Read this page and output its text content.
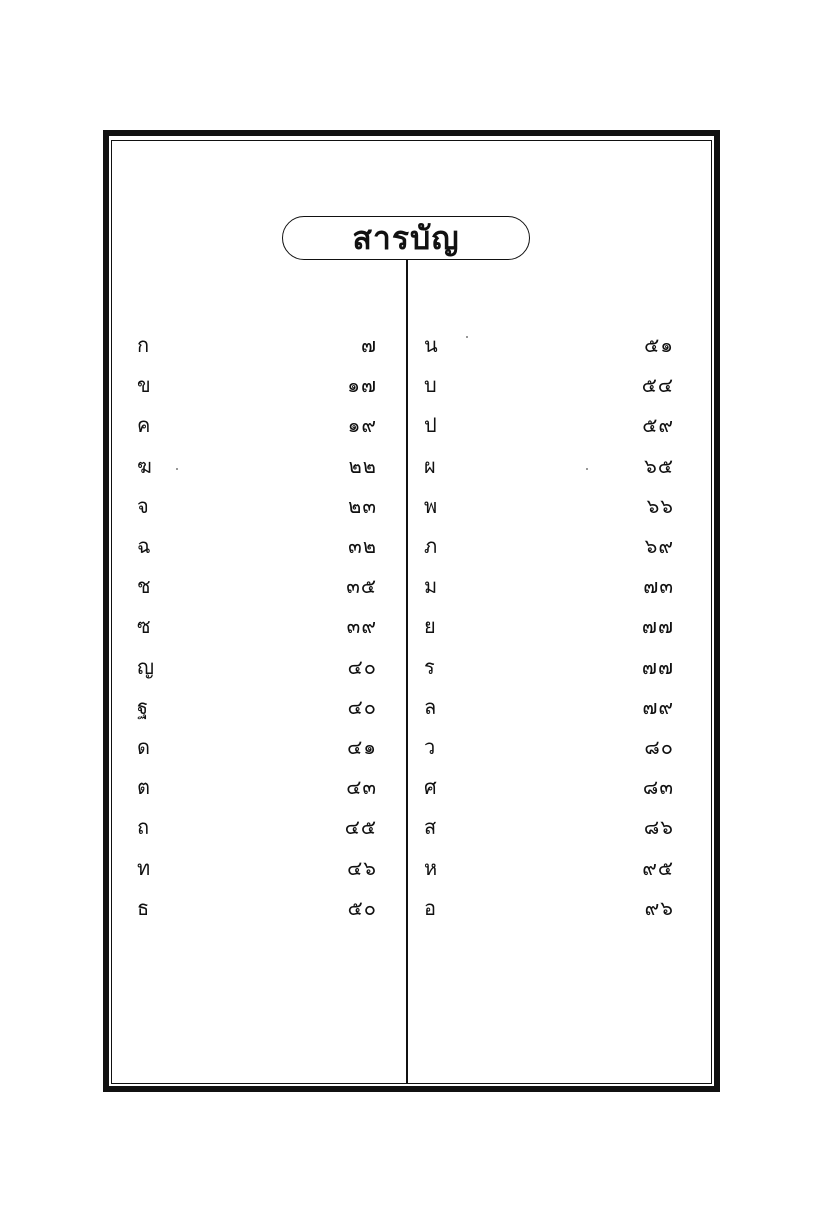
สารบัญ
ก	๗
ข	๑๗
ค	๑๙
ฆ	๒๒
จ	๒๓
ฉ	๓๒
ช	๓๕
ซ	๓๙
ญ	๔๐
ฐ	๔๐
ด	๔๑
ต	๔๓
ถ	๔๕
ท	๔๖
ธ	๕๐
น	๕๑
บ	๕๔
ป	๕๙
ผ	๖๕
พ	๖๖
ภ	๖๙
ม	๗๓
ย	๗๗
ร	๗๗
ล	๗๙
ว	๘๐
ศ	๘๓
ส	๘๖
ห	๙๕
อ	๙๖
